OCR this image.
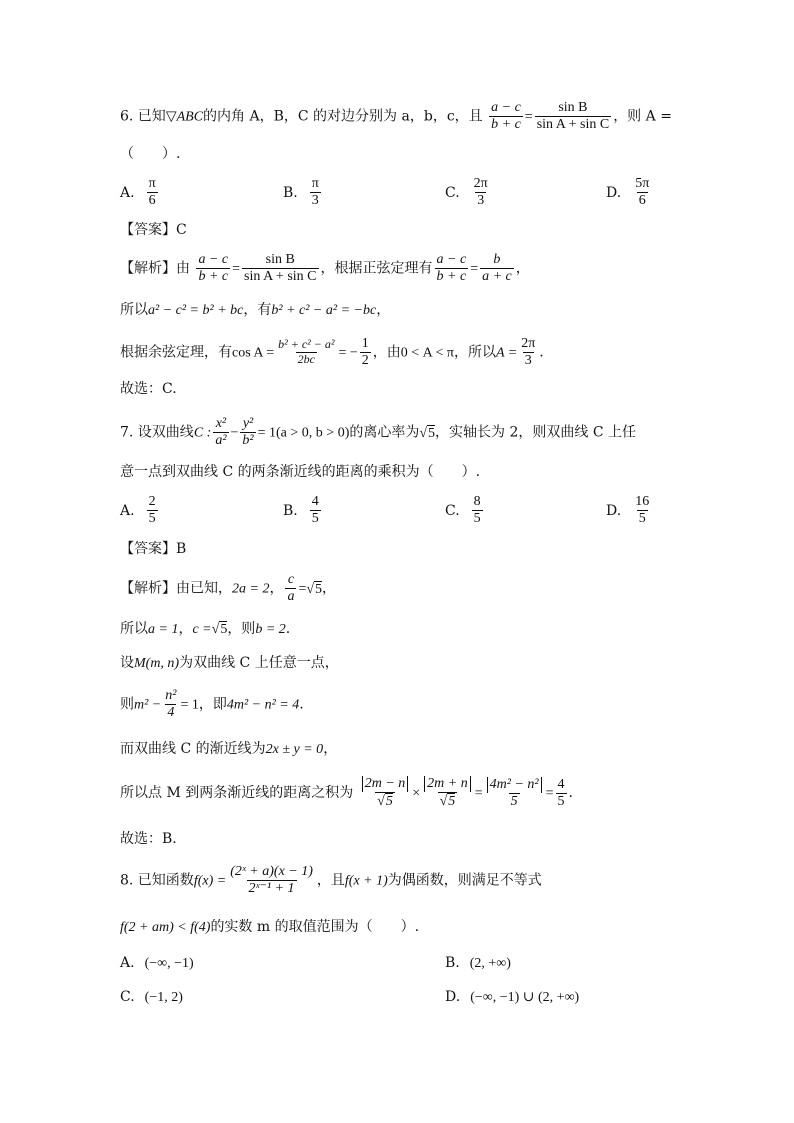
6. 已知▽ABC的内角 A，B，C 的对边分别为 a，b，c，且 $\frac{a - c}{b + c} = \frac{\text{sin B}}{\text{sin A + sin C}}$ ，则 A =
（　　）.
A. $\frac{\pi}{6}$	B. $\frac{\pi}{3}$	C. $\frac{2\pi}{3}$	D. $\frac{5\pi}{6}$
【答案】C
【解析】由 $\frac{a - c}{b + c} = \frac{\text{sin B}}{\text{sin A + sin C}}$ ，根据正弦定理有 $\frac{a - c}{b + c} = \frac{b}{a + c}$ ，
所以a² − c² = b² + bc，有b² + c² − a² = −bc，
根据余弦定理，有$\cos A = \frac{\text{b² + c² − a²}}{2bc}$ = − $\frac{1}{2}$ ，由0 < A < π，所以$A = \frac{2\pi}{3}$ .
故选：C.
7. 设双曲线C : $\frac{\text{x²}}{\text{a²}} - \frac{\text{y²}}{\text{b²}} = 1(a > 0$, b > 0)的离心率为√5，实轴长为 2，则双曲线 C 上任
意一点到双曲线 C 的两条渐近线的距离的乘积为（　　）.
A. $\frac{2}{5}$	B. $\frac{4}{5}$	C. $\frac{8}{5}$	D. $\frac{16}{5}$
【答案】B
【解析】由已知，2a = 2， $\frac{c}{a} =√5$，
所以a = 1，c =√5，则b = 2.
设M(m, n)为双曲线 C 上任意一点，
则$m^2 - \frac{\text{n²}}{4} = 1$，即4m² − n² = 4.
而双曲线 C 的渐近线为2x ± y = 0，
所以点 M 到两条渐近线的距离之积为 $\frac{2m - n}{√5} \times \frac{2m + n}{√5} = \frac{\text{4m² − n²}}{5} = \frac{4}{5}$ .
故选：B.
8. 已知函数$f(x) = \frac{\text{(2ˣ + a)(x − 1)}}{\text{2ˣ⁻¹ + 1}}$ ，且f(x + 1)为偶函数，则满足不等式
f(2 + am) < f(4)的实数 m 的取值范围为（　　）.
A. (−∞, −1)	B. (2, +∞)
C. (−1, 2)	D. (−∞, −1) ∪ (2, +∞)
